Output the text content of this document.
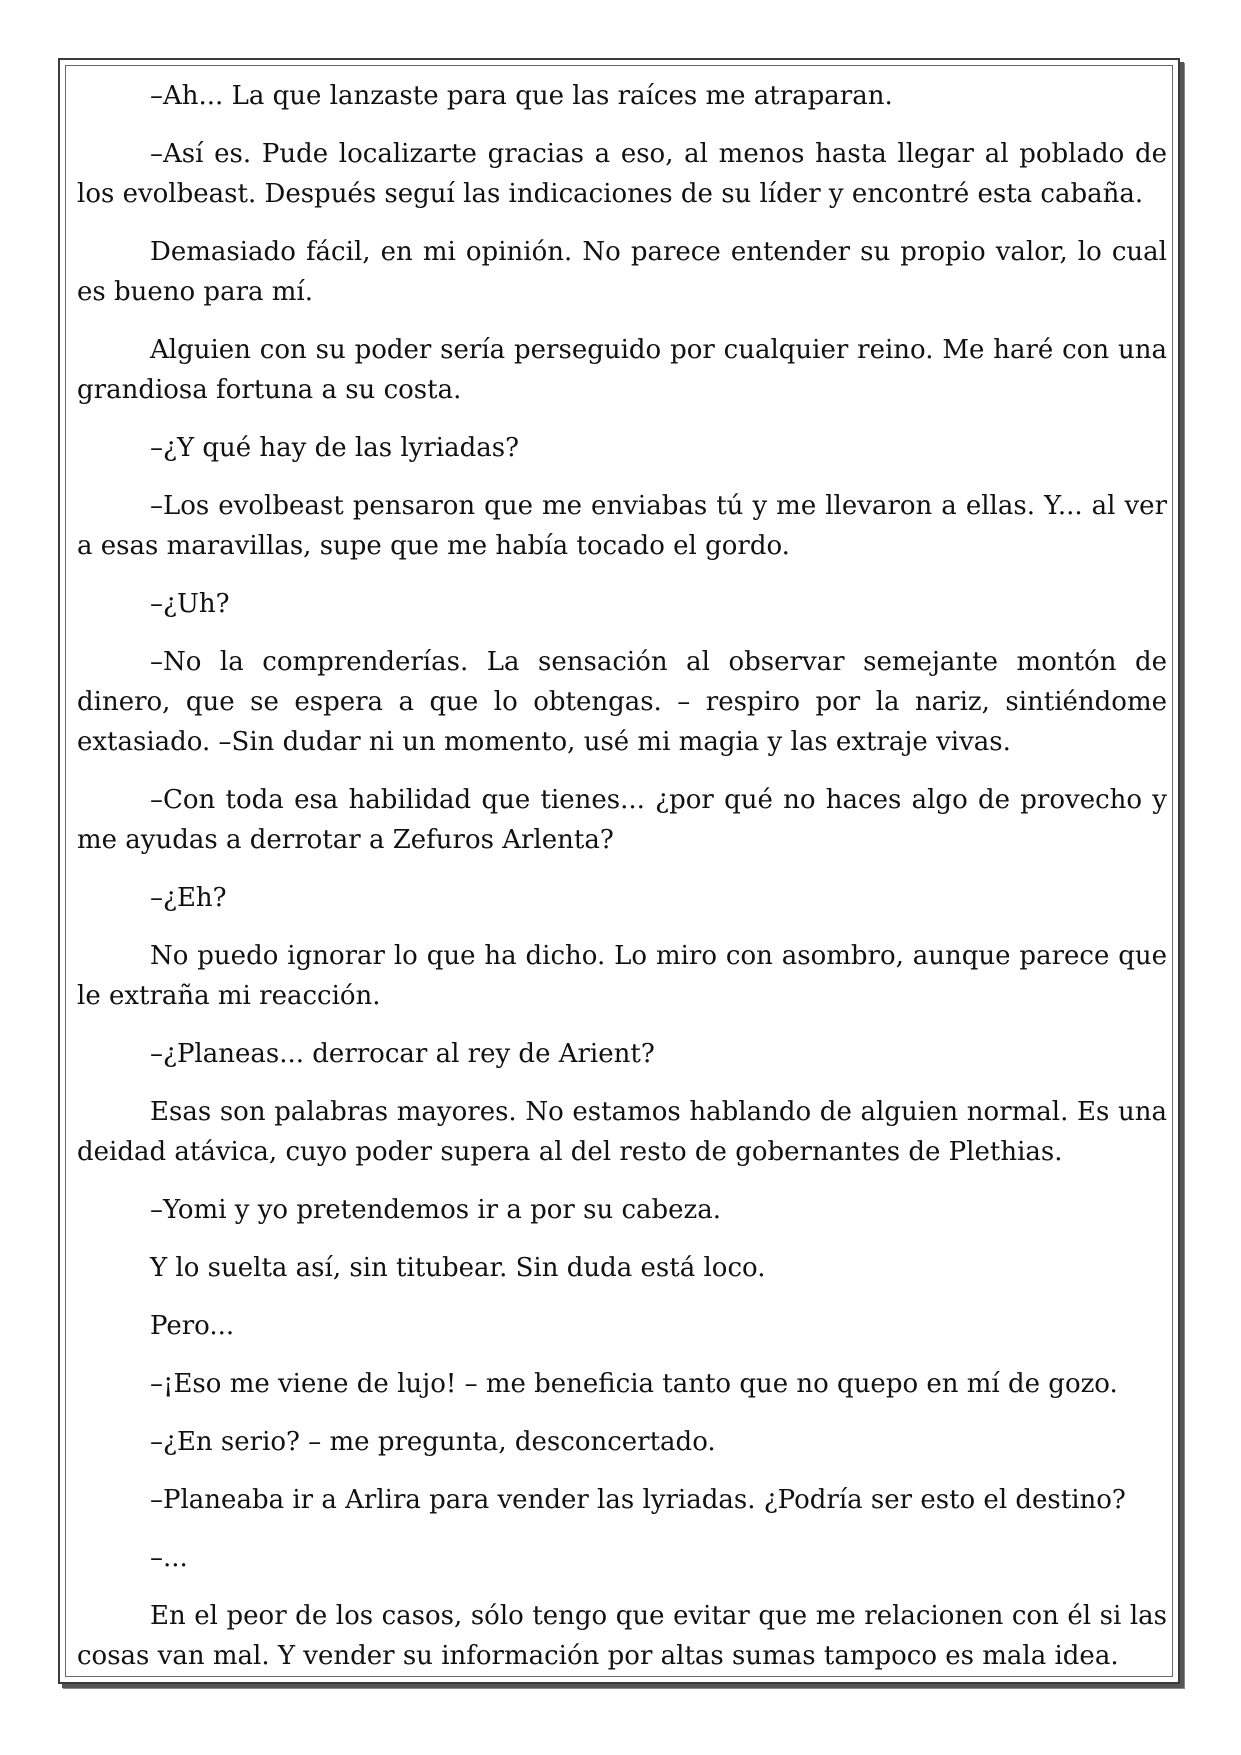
–Ah... La que lanzaste para que las raíces me atraparan.

–Así es. Pude localizarte gracias a eso, al menos hasta llegar al poblado de los evolbeast. Después seguí las indicaciones de su líder y encontré esta cabaña.

Demasiado fácil, en mi opinión. No parece entender su propio valor, lo cual es bueno para mí.

Alguien con su poder sería perseguido por cualquier reino. Me haré con una grandiosa fortuna a su costa.

–¿Y qué hay de las lyriadas?

–Los evolbeast pensaron que me enviabas tú y me llevaron a ellas. Y... al ver a esas maravillas, supe que me había tocado el gordo.

–¿Uh?

–No la comprenderías. La sensación al observar semejante montón de dinero, que se espera a que lo obtengas. – respiro por la nariz, sintiéndome extasiado. –Sin dudar ni un momento, usé mi magia y las extraje vivas.

–Con toda esa habilidad que tienes... ¿por qué no haces algo de provecho y me ayudas a derrotar a Zefuros Arlenta?

–¿Eh?

No puedo ignorar lo que ha dicho. Lo miro con asombro, aunque parece que le extraña mi reacción.

–¿Planeas... derrocar al rey de Arient?

Esas son palabras mayores. No estamos hablando de alguien normal. Es una deidad atávica, cuyo poder supera al del resto de gobernantes de Plethias.

–Yomi y yo pretendemos ir a por su cabeza.

Y lo suelta así, sin titubear. Sin duda está loco.

Pero...

–¡Eso me viene de lujo! – me beneficia tanto que no quepo en mí de gozo.

–¿En serio? – me pregunta, desconcertado.

–Planeaba ir a Arlira para vender las lyriadas. ¿Podría ser esto el destino?

–...

En el peor de los casos, sólo tengo que evitar que me relacionen con él si las cosas van mal. Y vender su información por altas sumas tampoco es mala idea.
